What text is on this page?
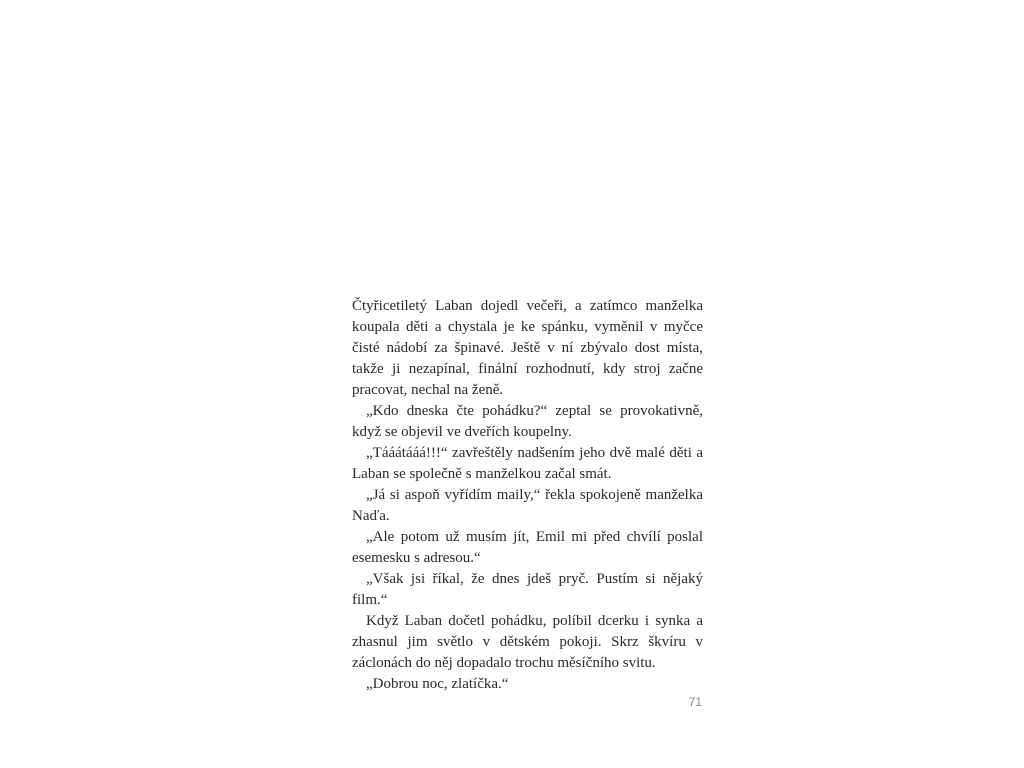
Čtyřicetiletý Laban dojedl večeři, a zatímco manželka koupala děti a chystala je ke spánku, vyměnil v myčce čisté nádobí za špinavé. Ještě v ní zbývalo dost místa, takže ji nezapínal, finální rozhodnutí, kdy stroj začne pracovat, nechal na ženě.

„Kdo dneska čte pohádku?“ zeptal se provokativně, když se objevil ve dveřích koupelny.

„Tááátááá!!!“ zavřeštěly nadšením jeho dvě malé děti a Laban se společně s manželkou začal smát.

„Já si aspoň vyřídím maily,“ řekla spokojeně manželka Naďa.

„Ale potom už musím jít, Emil mi před chvílí poslal esemesku s adresou.“

„Však jsi říkal, že dnes jdeš pryč. Pustím si nějaký film.“

Když Laban dočetl pohádku, políbil dcerku i synka a zhasnul jim světlo v dětském pokoji. Skrz škvíru v záclonách do něj dopadalo trochu měsíčního svitu.

„Dobrou noc, zlatíčka.“

71
